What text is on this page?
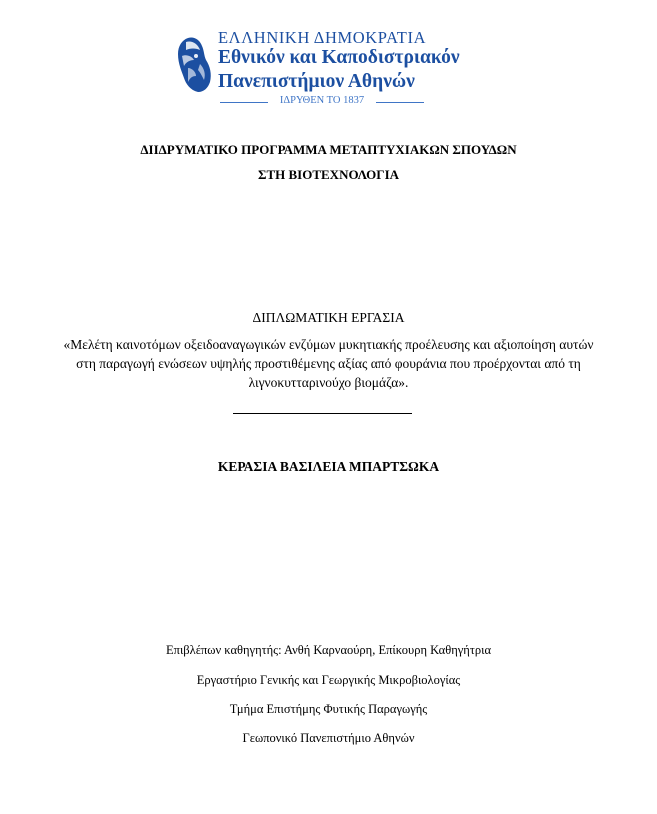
ΕΛΛΗΝΙΚΗ ΔΗΜΟΚΡΑΤΙΑ
Εθνικόν και Καποδιστριακόν
Πανεπιστήμιον Αθηνών
ΙΔΡΥΘΕΝ ΤΟ 1837
ΔΙΙΔΡΥΜΑΤΙΚΟ ΠΡΟΓΡΑΜΜΑ ΜΕΤΑΠΤΥΧΙΑΚΩΝ ΣΠΟΥΔΩΝ
ΣΤΗ ΒΙΟΤΕΧΝΟΛΟΓΙΑ
ΔΙΠΛΩΜΑΤΙΚΗ ΕΡΓΑΣΙΑ
«Μελέτη καινοτόμων οξειδοαναγωγικών ενζύμων μυκητιακής προέλευσης και αξιοποίηση αυτών στη παραγωγή ενώσεων υψηλής προστιθέμενης αξίας από φουράνια που προέρχονται από τη λιγνοκυτταρινούχο βιομάζα».
ΚΕΡΑΣΙΑ ΒΑΣΙΛΕΙΑ ΜΠΑΡΤΣΩΚΑ
Επιβλέπων καθηγητής: Ανθή Καρναούρη, Επίκουρη Καθηγήτρια
Εργαστήριο Γενικής και Γεωργικής Μικροβιολογίας
Τμήμα Επιστήμης Φυτικής Παραγωγής
Γεωπονικό Πανεπιστήμιο Αθηνών
